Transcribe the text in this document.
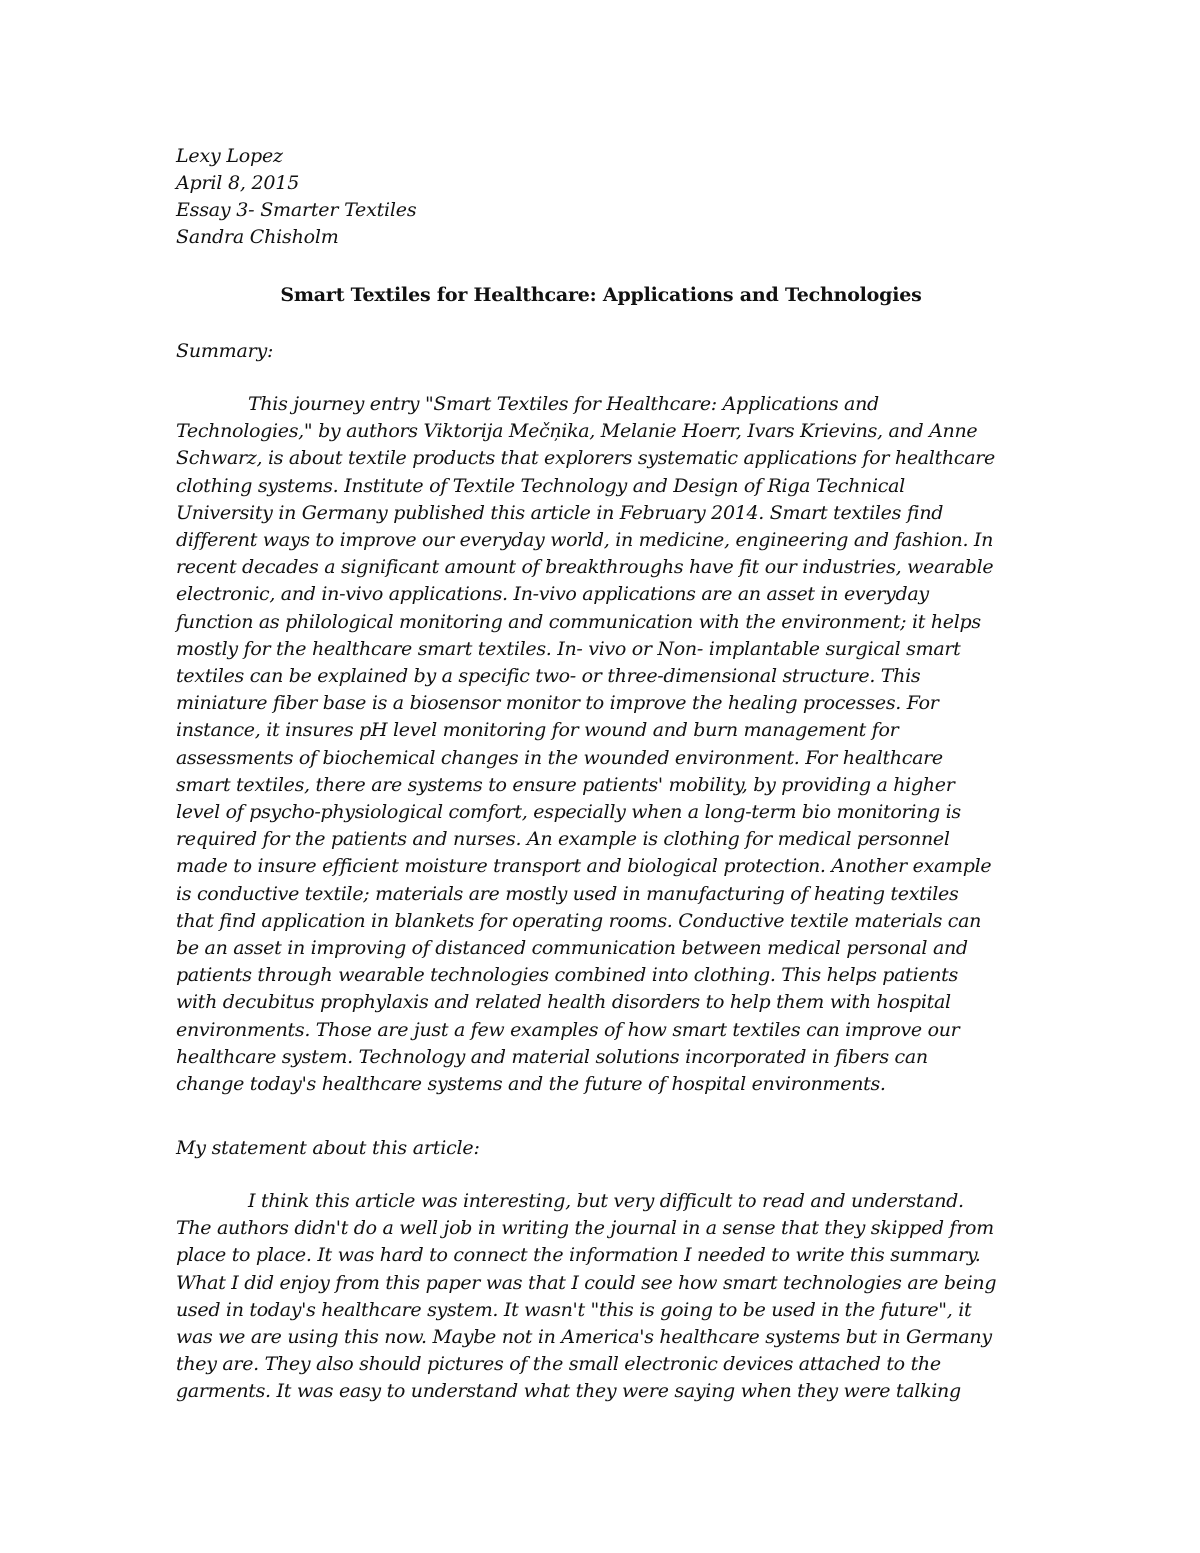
Lexy Lopez
April 8, 2015
Essay 3- Smarter Textiles
Sandra Chisholm
Smart Textiles for Healthcare: Applications and Technologies
Summary:
This journey entry "Smart Textiles for Healthcare: Applications and
Technologies," by authors Viktorija Mečņika, Melanie Hoerr, Ivars Krievins, and Anne
Schwarz, is about textile products that explorers systematic applications for healthcare
clothing systems. Institute of Textile Technology and Design of Riga Technical
University in Germany published this article in February 2014. Smart textiles find
different ways to improve our everyday world, in medicine, engineering and fashion. In
recent decades a significant amount of breakthroughs have fit our industries, wearable
electronic, and in-vivo applications. In-vivo applications are an asset in everyday
function as philological monitoring and communication with the environment; it helps
mostly for the healthcare smart textiles. In- vivo or Non- implantable surgical smart
textiles can be explained by a specific two- or three-dimensional structure. This
miniature fiber base is a biosensor monitor to improve the healing processes. For
instance, it insures pH level monitoring for wound and burn management for
assessments of biochemical changes in the wounded environment. For healthcare
smart textiles, there are systems to ensure patients' mobility, by providing a higher
level of psycho-physiological comfort, especially when a long-term bio monitoring is
required for the patients and nurses. An example is clothing for medical personnel
made to insure efficient moisture transport and biological protection. Another example
is conductive textile; materials are mostly used in manufacturing of heating textiles
that find application in blankets for operating rooms. Conductive textile materials can
be an asset in improving of distanced communication between medical personal and
patients through wearable technologies combined into clothing. This helps patients
with decubitus prophylaxis and related health disorders to help them with hospital
environments. Those are just a few examples of how smart textiles can improve our
healthcare system. Technology and material solutions incorporated in fibers can
change today's healthcare systems and the future of hospital environments.
My statement about this article:
I think this article was interesting, but very difficult to read and understand.
The authors didn't do a well job in writing the journal in a sense that they skipped from
place to place. It was hard to connect the information I needed to write this summary.
What I did enjoy from this paper was that I could see how smart technologies are being
used in today's healthcare system. It wasn't "this is going to be used in the future", it
was we are using this now. Maybe not in America's healthcare systems but in Germany
they are. They also should pictures of the small electronic devices attached to the
garments. It was easy to understand what they were saying when they were talking
